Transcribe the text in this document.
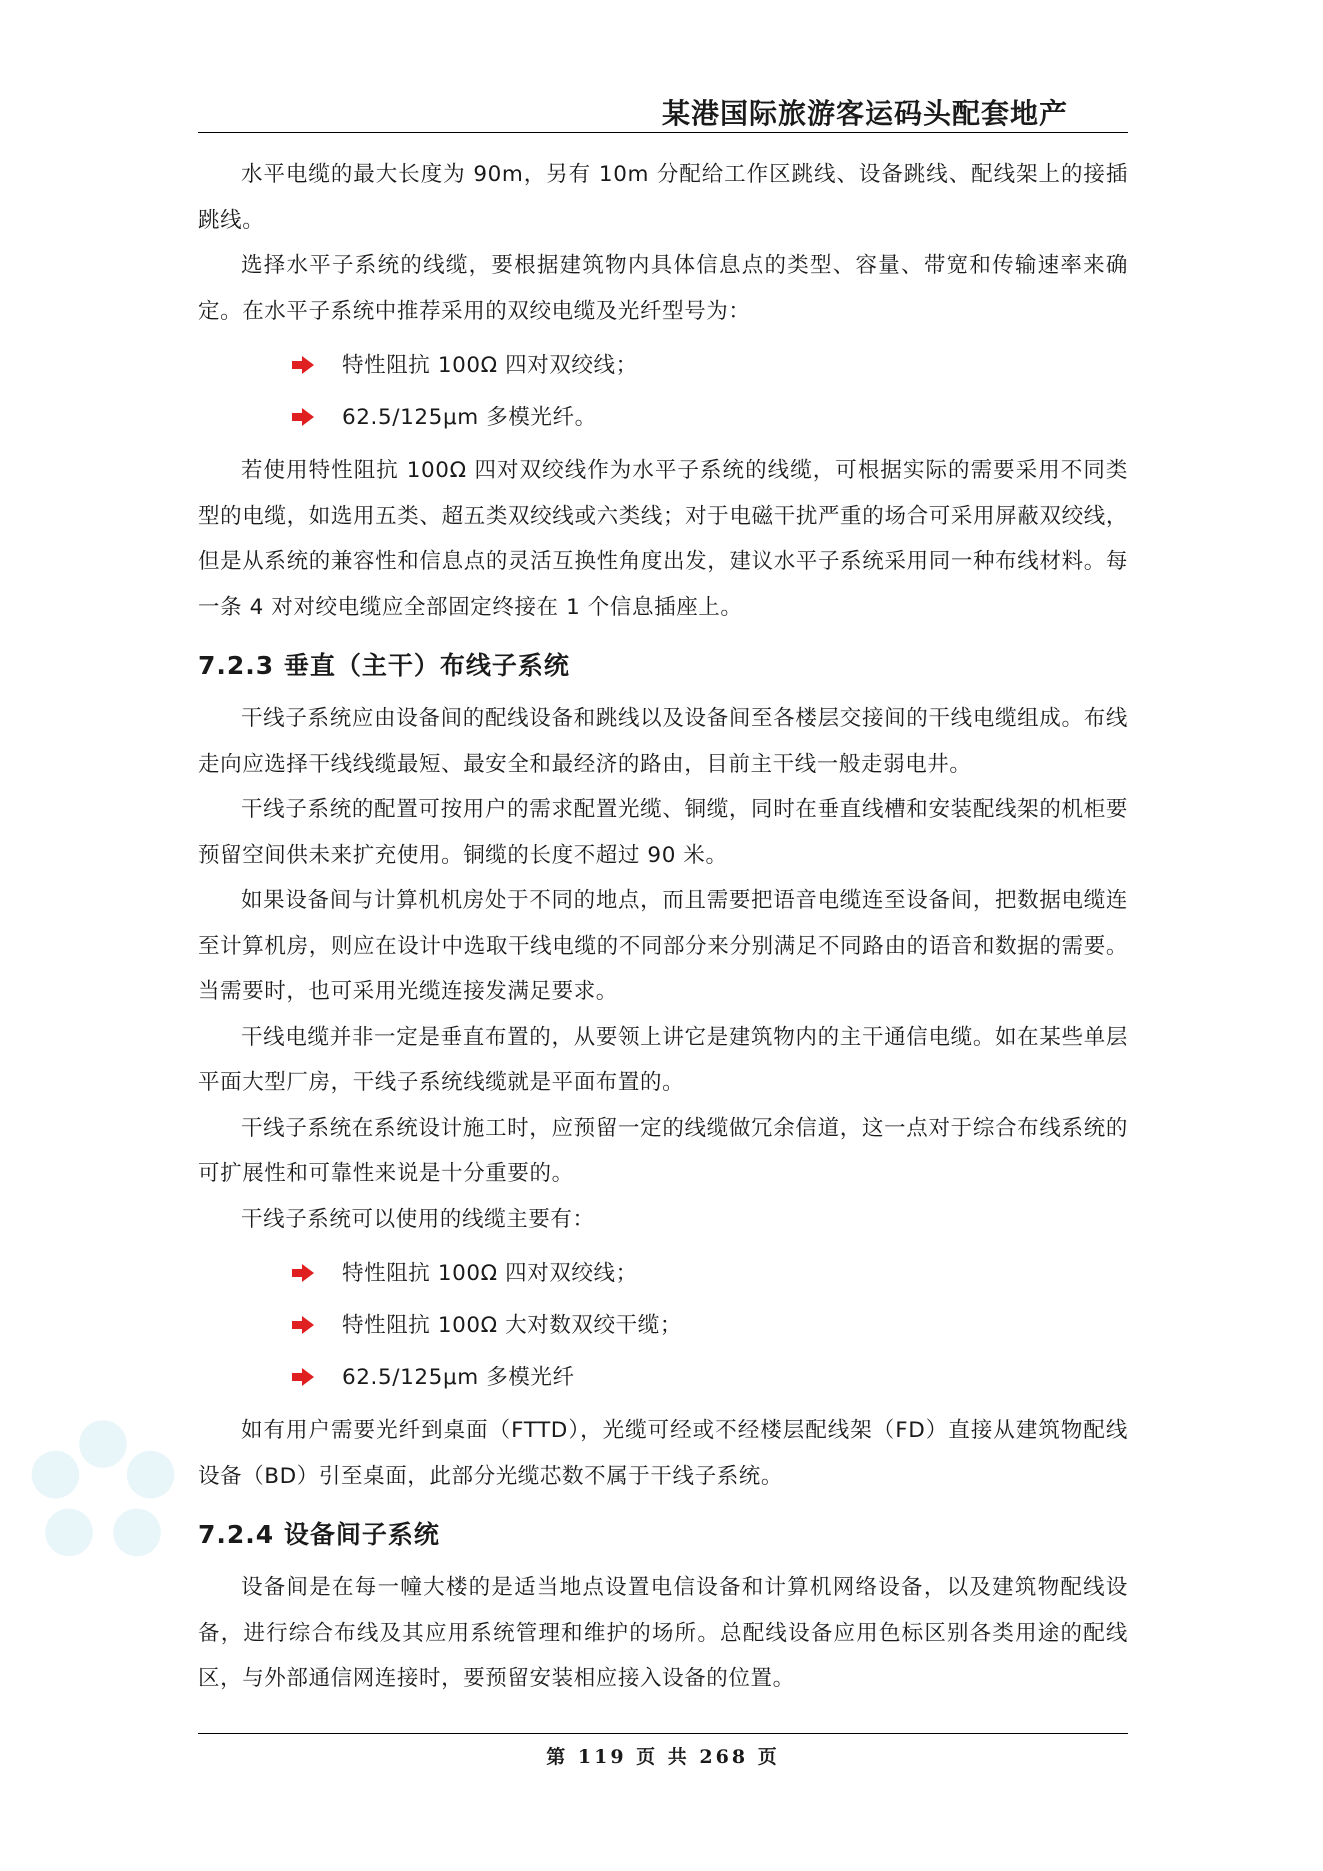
某港国际旅游客运码头配套地产

水平电缆的最大长度为 90m，另有 10m 分配给工作区跳线、设备跳线、配线架上的接插跳线。

选择水平子系统的线缆，要根据建筑物内具体信息点的类型、容量、带宽和传输速率来确定。在水平子系统中推荐采用的双绞电缆及光纤型号为：

特性阻抗 100Ω 四对双绞线；
62.5/125μm 多模光纤。

若使用特性阻抗 100Ω 四对双绞线作为水平子系统的线缆，可根据实际的需要采用不同类型的电缆，如选用五类、超五类双绞线或六类线；对于电磁干扰严重的场合可采用屏蔽双绞线，但是从系统的兼容性和信息点的灵活互换性角度出发，建议水平子系统采用同一种布线材料。每一条 4 对对绞电缆应全部固定终接在 1 个信息插座上。

7.2.3 垂直（主干）布线子系统

干线子系统应由设备间的配线设备和跳线以及设备间至各楼层交接间的干线电缆组成。布线走向应选择干线线缆最短、最安全和最经济的路由，目前主干线一般走弱电井。

干线子系统的配置可按用户的需求配置光缆、铜缆，同时在垂直线槽和安装配线架的机柜要预留空间供未来扩充使用。铜缆的长度不超过 90 米。

如果设备间与计算机机房处于不同的地点，而且需要把语音电缆连至设备间，把数据电缆连至计算机房，则应在设计中选取干线电缆的不同部分来分别满足不同路由的语音和数据的需要。当需要时，也可采用光缆连接发满足要求。

干线电缆并非一定是垂直布置的，从要领上讲它是建筑物内的主干通信电缆。如在某些单层平面大型厂房，干线子系统线缆就是平面布置的。

干线子系统在系统设计施工时，应预留一定的线缆做冗余信道，这一点对于综合布线系统的可扩展性和可靠性来说是十分重要的。

干线子系统可以使用的线缆主要有：

特性阻抗 100Ω 四对双绞线；
特性阻抗 100Ω 大对数双绞干缆；
62.5/125μm 多模光纤

如有用户需要光纤到桌面（FTTD），光缆可经或不经楼层配线架（FD）直接从建筑物配线设备（BD）引至桌面，此部分光缆芯数不属于干线子系统。

7.2.4 设备间子系统

设备间是在每一幢大楼的是适当地点设置电信设备和计算机网络设备，以及建筑物配线设备，进行综合布线及其应用系统管理和维护的场所。总配线设备应用色标区别各类用途的配线区，与外部通信网连接时，要预留安装相应接入设备的位置。

第 119 页 共 268 页
